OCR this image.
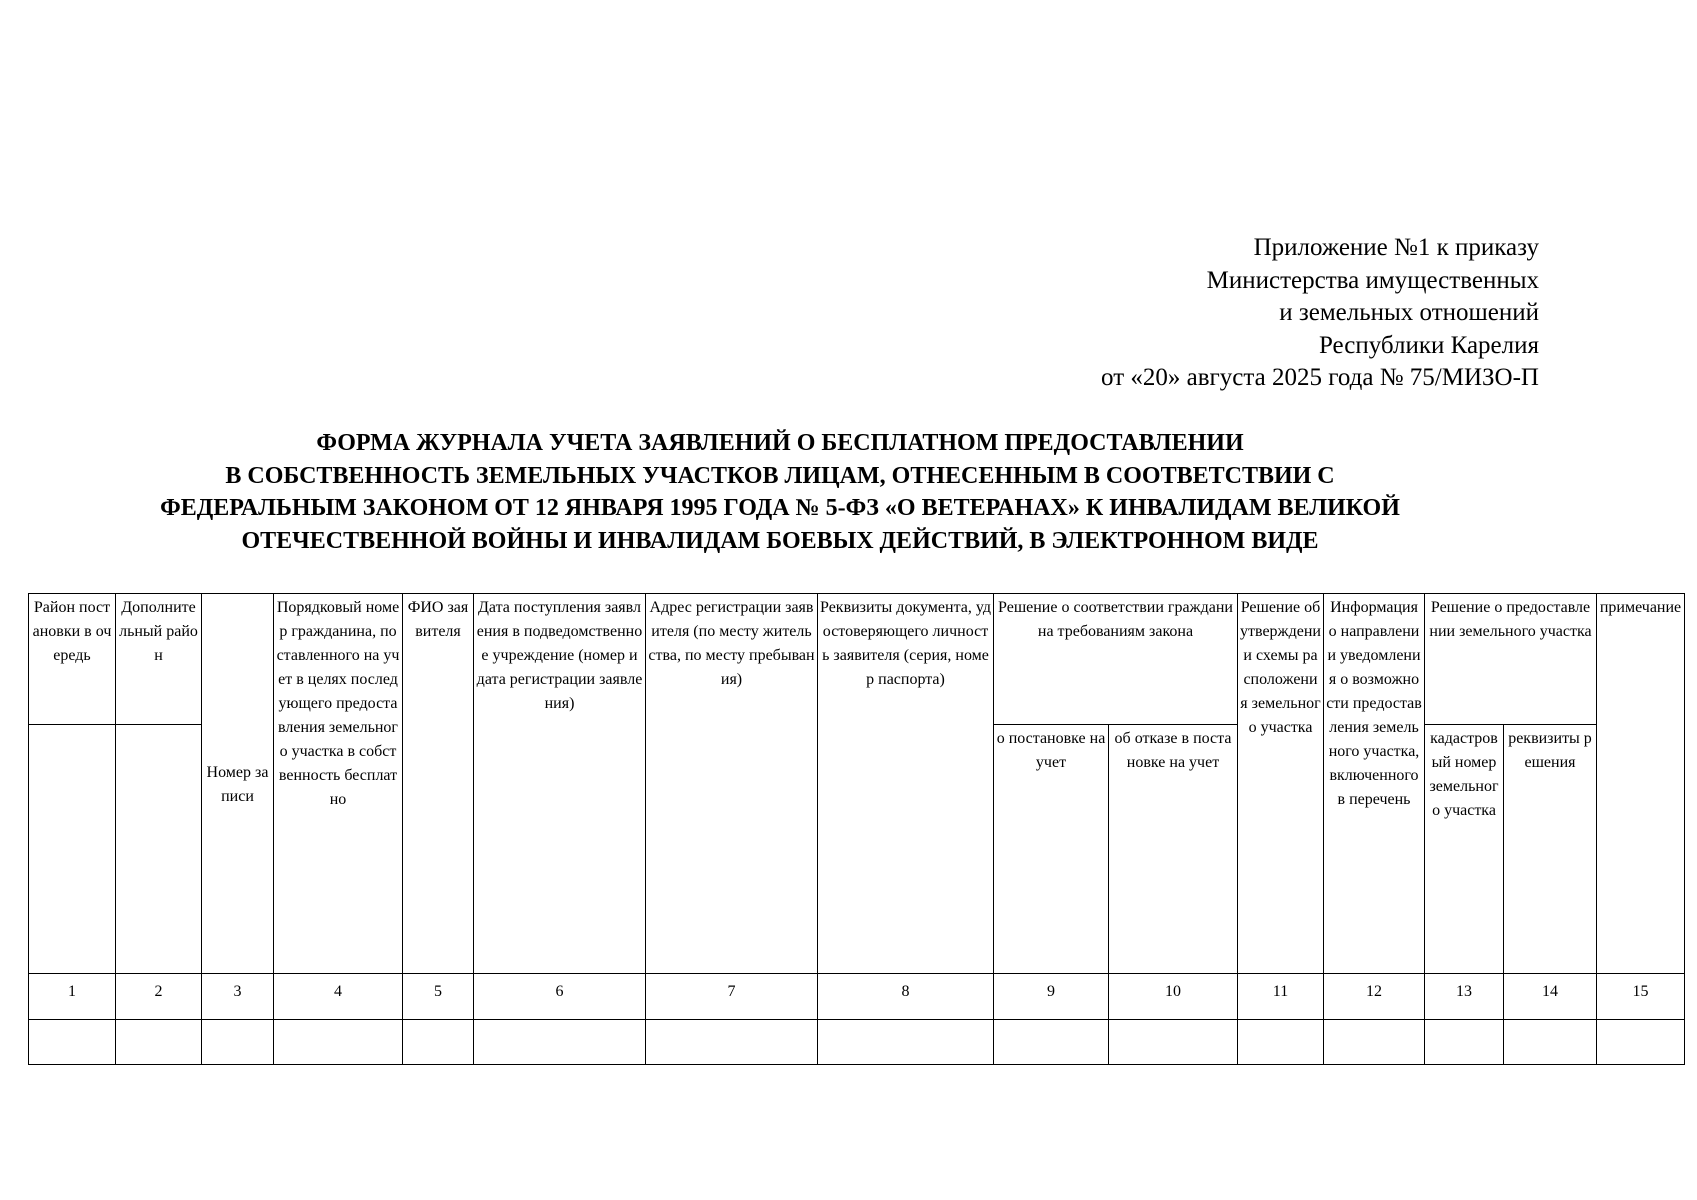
Приложение №1 к приказу
Министерства имущественных
и земельных отношений
Республики Карелия
от «20» августа 2025 года № 75/МИЗО-П
ФОРМА ЖУРНАЛА УЧЕТА ЗАЯВЛЕНИЙ О БЕСПЛАТНОМ ПРЕДОСТАВЛЕНИИ
В СОБСТВЕННОСТЬ ЗЕМЕЛЬНЫХ УЧАСТКОВ ЛИЦАМ, ОТНЕСЕННЫМ В СООТВЕТСТВИИ С
ФЕДЕРАЛЬНЫМ ЗАКОНОМ ОТ 12 ЯНВАРЯ 1995 ГОДА № 5-ФЗ «О ВЕТЕРАНАХ» К ИНВАЛИДАМ ВЕЛИКОЙ
ОТЕЧЕСТВЕННОЙ ВОЙНЫ И ИНВАЛИДАМ БОЕВЫХ ДЕЙСТВИЙ, В ЭЛЕКТРОННОМ ВИДЕ
Район постановки в очередь	Дополнительный район	Номер записи	Порядковый номер гражданина, поставленного на учет в целях последующего предоставления земельного участка в собственность бесплатно	ФИО заявителя	Дата поступления заявления в подведомственное учреждение (номер и дата регистрации заявления)	Адрес регистрации заявителя (по месту жительства, по месту пребывания)	Реквизиты документа, удостоверяющего личность заявителя (серия, номер паспорта)	Решение о соответствии гражданина требованиям закона		Решение об утверждении схемы расположения земельного участка	Информация о направлении уведомления о возможности предоставления земельного участка, включенного в перечень	Решение о предоставлении земельного участка		примечание
								о постановке на учет	об отказе в постановке на учет			кадастровый номер земельного участка	реквизиты решения	
1	2	3	4	5	6	7	8	9	10	11	12	13	14	15
